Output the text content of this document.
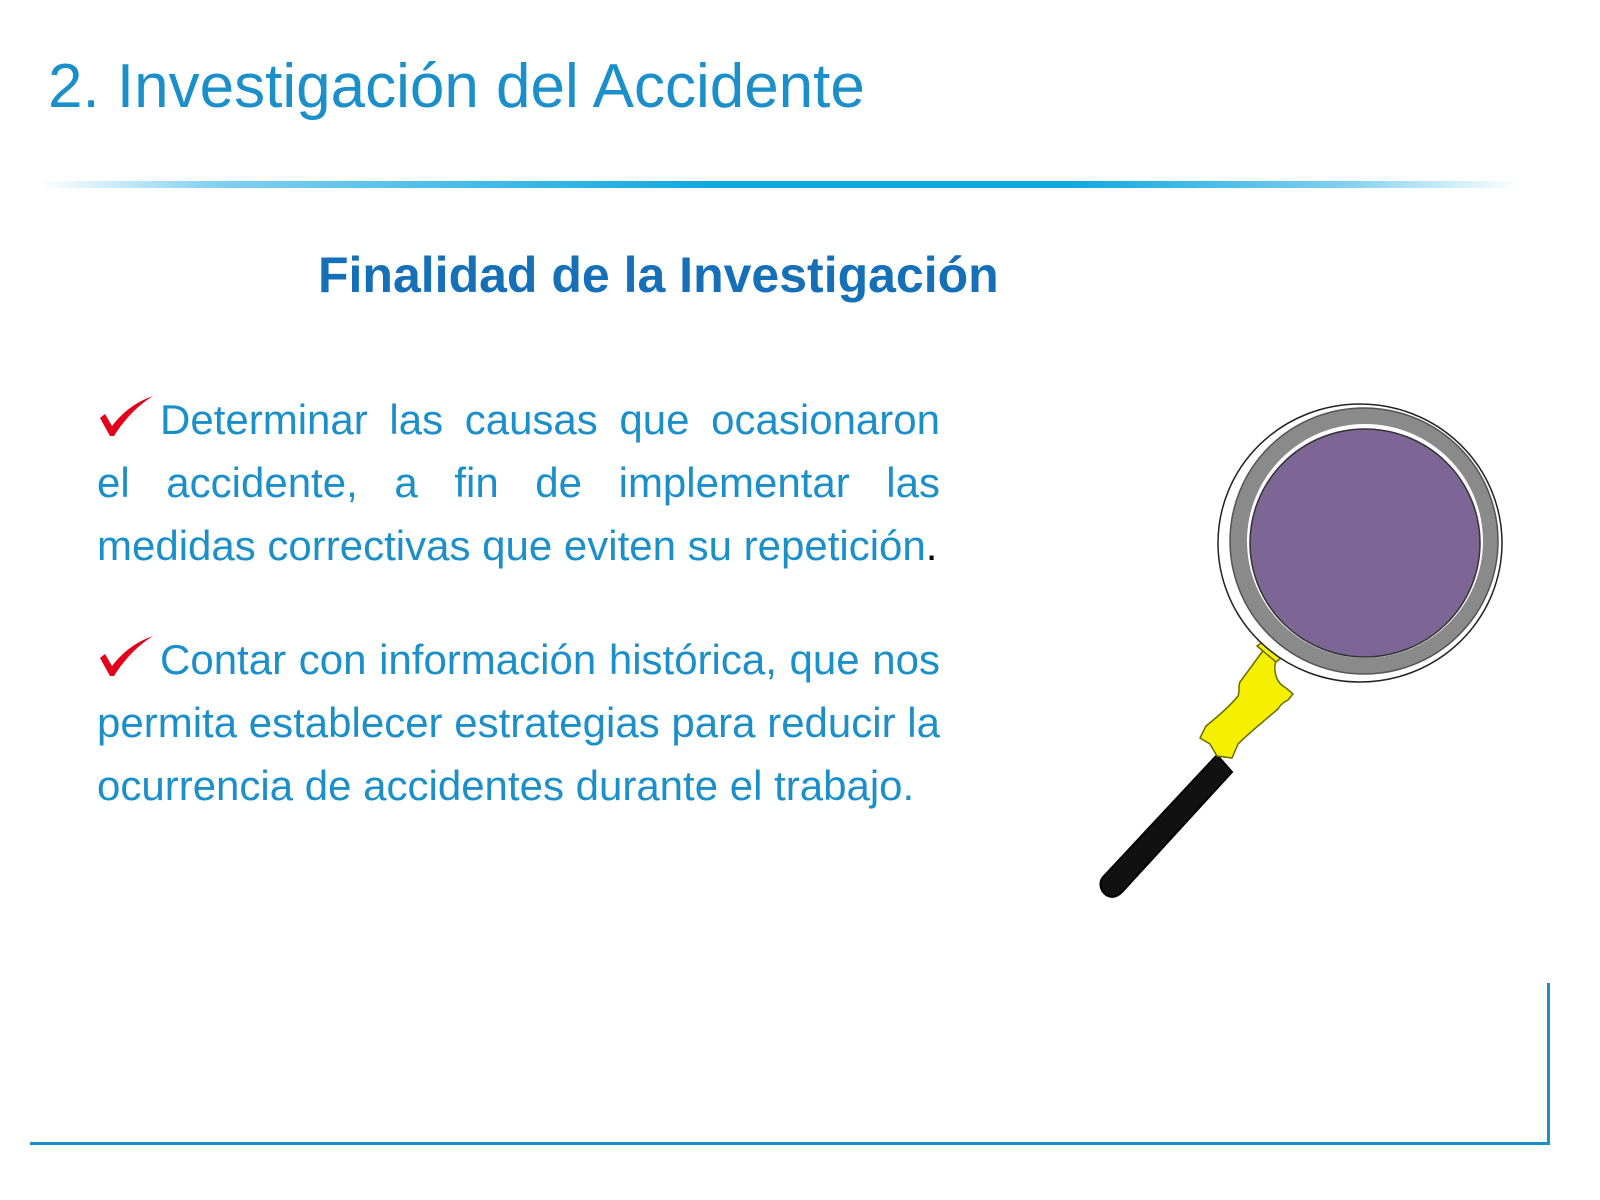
2. Investigación del Accidente
Finalidad de la Investigación
Determinar las causas que ocasionaron el accidente, a fin de implementar las medidas correctivas que eviten su repetición.
Contar con información histórica, que nos permita establecer estrategias para reducir la ocurrencia de accidentes durante el trabajo.
